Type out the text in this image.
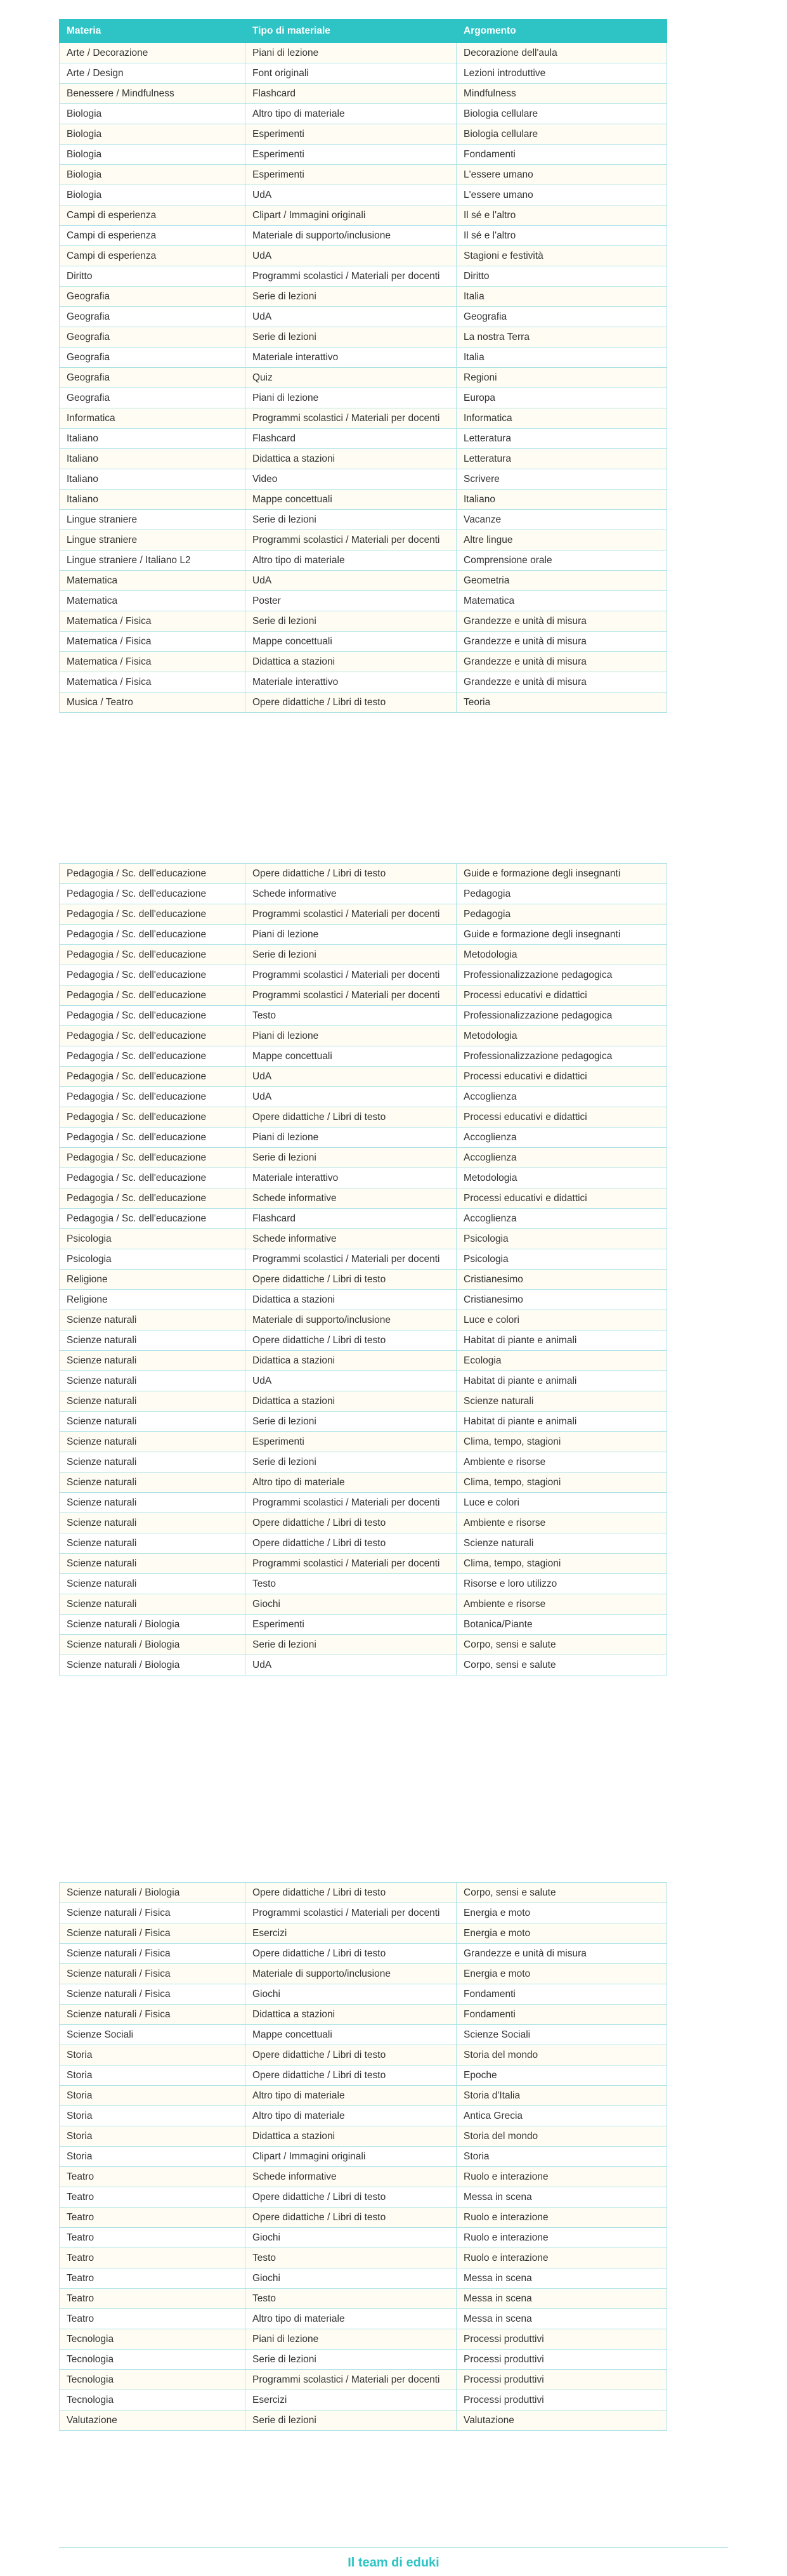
Materia	Tipo di materiale	Argomento
Arte / Decorazione	Piani di lezione	Decorazione dell'aula
Arte / Design	Font originali	Lezioni introduttive
Benessere / Mindfulness	Flashcard	Mindfulness
Biologia	Altro tipo di materiale	Biologia cellulare
Biologia	Esperimenti	Biologia cellulare
Biologia	Esperimenti	Fondamenti
Biologia	Esperimenti	L'essere umano
Biologia	UdA	L'essere umano
Campi di esperienza	Clipart / Immagini originali	Il sé e l'altro
Campi di esperienza	Materiale di supporto/inclusione	Il sé e l'altro
Campi di esperienza	UdA	Stagioni e festività
Diritto	Programmi scolastici / Materiali per docenti	Diritto
Geografia	Serie di lezioni	Italia
Geografia	UdA	Geografia
Geografia	Serie di lezioni	La nostra Terra
Geografia	Materiale interattivo	Italia
Geografia	Quiz	Regioni
Geografia	Piani di lezione	Europa
Informatica	Programmi scolastici / Materiali per docenti	Informatica
Italiano	Flashcard	Letteratura
Italiano	Didattica a stazioni	Letteratura
Italiano	Video	Scrivere
Italiano	Mappe concettuali	Italiano
Lingue straniere	Serie di lezioni	Vacanze
Lingue straniere	Programmi scolastici / Materiali per docenti	Altre lingue
Lingue straniere / Italiano L2	Altro tipo di materiale	Comprensione orale
Matematica	UdA	Geometria
Matematica	Poster	Matematica
Matematica / Fisica	Serie di lezioni	Grandezze e unità di misura
Matematica / Fisica	Mappe concettuali	Grandezze e unità di misura
Matematica / Fisica	Didattica a stazioni	Grandezze e unità di misura
Matematica / Fisica	Materiale interattivo	Grandezze e unità di misura
Musica / Teatro	Opere didattiche / Libri di testo	Teoria
Pedagogia / Sc. dell'educazione	Opere didattiche / Libri di testo	Guide e formazione degli insegnanti
Pedagogia / Sc. dell'educazione	Schede informative	Pedagogia
Pedagogia / Sc. dell'educazione	Programmi scolastici / Materiali per docenti	Pedagogia
Pedagogia / Sc. dell'educazione	Piani di lezione	Guide e formazione degli insegnanti
Pedagogia / Sc. dell'educazione	Serie di lezioni	Metodologia
Pedagogia / Sc. dell'educazione	Programmi scolastici / Materiali per docenti	Professionalizzazione pedagogica
Pedagogia / Sc. dell'educazione	Programmi scolastici / Materiali per docenti	Processi educativi e didattici
Pedagogia / Sc. dell'educazione	Testo	Professionalizzazione pedagogica
Pedagogia / Sc. dell'educazione	Piani di lezione	Metodologia
Pedagogia / Sc. dell'educazione	Mappe concettuali	Professionalizzazione pedagogica
Pedagogia / Sc. dell'educazione	UdA	Processi educativi e didattici
Pedagogia / Sc. dell'educazione	UdA	Accoglienza
Pedagogia / Sc. dell'educazione	Opere didattiche / Libri di testo	Processi educativi e didattici
Pedagogia / Sc. dell'educazione	Piani di lezione	Accoglienza
Pedagogia / Sc. dell'educazione	Serie di lezioni	Accoglienza
Pedagogia / Sc. dell'educazione	Materiale interattivo	Metodologia
Pedagogia / Sc. dell'educazione	Schede informative	Processi educativi e didattici
Pedagogia / Sc. dell'educazione	Flashcard	Accoglienza
Psicologia	Schede informative	Psicologia
Psicologia	Programmi scolastici / Materiali per docenti	Psicologia
Religione	Opere didattiche / Libri di testo	Cristianesimo
Religione	Didattica a stazioni	Cristianesimo
Scienze naturali	Materiale di supporto/inclusione	Luce e colori
Scienze naturali	Opere didattiche / Libri di testo	Habitat di piante e animali
Scienze naturali	Didattica a stazioni	Ecologia
Scienze naturali	UdA	Habitat di piante e animali
Scienze naturali	Didattica a stazioni	Scienze naturali
Scienze naturali	Serie di lezioni	Habitat di piante e animali
Scienze naturali	Esperimenti	Clima, tempo, stagioni
Scienze naturali	Serie di lezioni	Ambiente e risorse
Scienze naturali	Altro tipo di materiale	Clima, tempo, stagioni
Scienze naturali	Programmi scolastici / Materiali per docenti	Luce e colori
Scienze naturali	Opere didattiche / Libri di testo	Ambiente e risorse
Scienze naturali	Opere didattiche / Libri di testo	Scienze naturali
Scienze naturali	Programmi scolastici / Materiali per docenti	Clima, tempo, stagioni
Scienze naturali	Testo	Risorse e loro utilizzo
Scienze naturali	Giochi	Ambiente e risorse
Scienze naturali / Biologia	Esperimenti	Botanica/Piante
Scienze naturali / Biologia	Serie di lezioni	Corpo, sensi e salute
Scienze naturali / Biologia	UdA	Corpo, sensi e salute
Scienze naturali / Biologia	Opere didattiche / Libri di testo	Corpo, sensi e salute
Scienze naturali / Fisica	Programmi scolastici / Materiali per docenti	Energia e moto
Scienze naturali / Fisica	Esercizi	Energia e moto
Scienze naturali / Fisica	Opere didattiche / Libri di testo	Grandezze e unità di misura
Scienze naturali / Fisica	Materiale di supporto/inclusione	Energia e moto
Scienze naturali / Fisica	Giochi	Fondamenti
Scienze naturali / Fisica	Didattica a stazioni	Fondamenti
Scienze Sociali	Mappe concettuali	Scienze Sociali
Storia	Opere didattiche / Libri di testo	Storia del mondo
Storia	Opere didattiche / Libri di testo	Epoche
Storia	Altro tipo di materiale	Storia d'Italia
Storia	Altro tipo di materiale	Antica Grecia
Storia	Didattica a stazioni	Storia del mondo
Storia	Clipart / Immagini originali	Storia
Teatro	Schede informative	Ruolo e interazione
Teatro	Opere didattiche / Libri di testo	Messa in scena
Teatro	Opere didattiche / Libri di testo	Ruolo e interazione
Teatro	Giochi	Ruolo e interazione
Teatro	Testo	Ruolo e interazione
Teatro	Giochi	Messa in scena
Teatro	Testo	Messa in scena
Teatro	Altro tipo di materiale	Messa in scena
Tecnologia	Piani di lezione	Processi produttivi
Tecnologia	Serie di lezioni	Processi produttivi
Tecnologia	Programmi scolastici / Materiali per docenti	Processi produttivi
Tecnologia	Esercizi	Processi produttivi
Valutazione	Serie di lezioni	Valutazione
Il team di eduki
